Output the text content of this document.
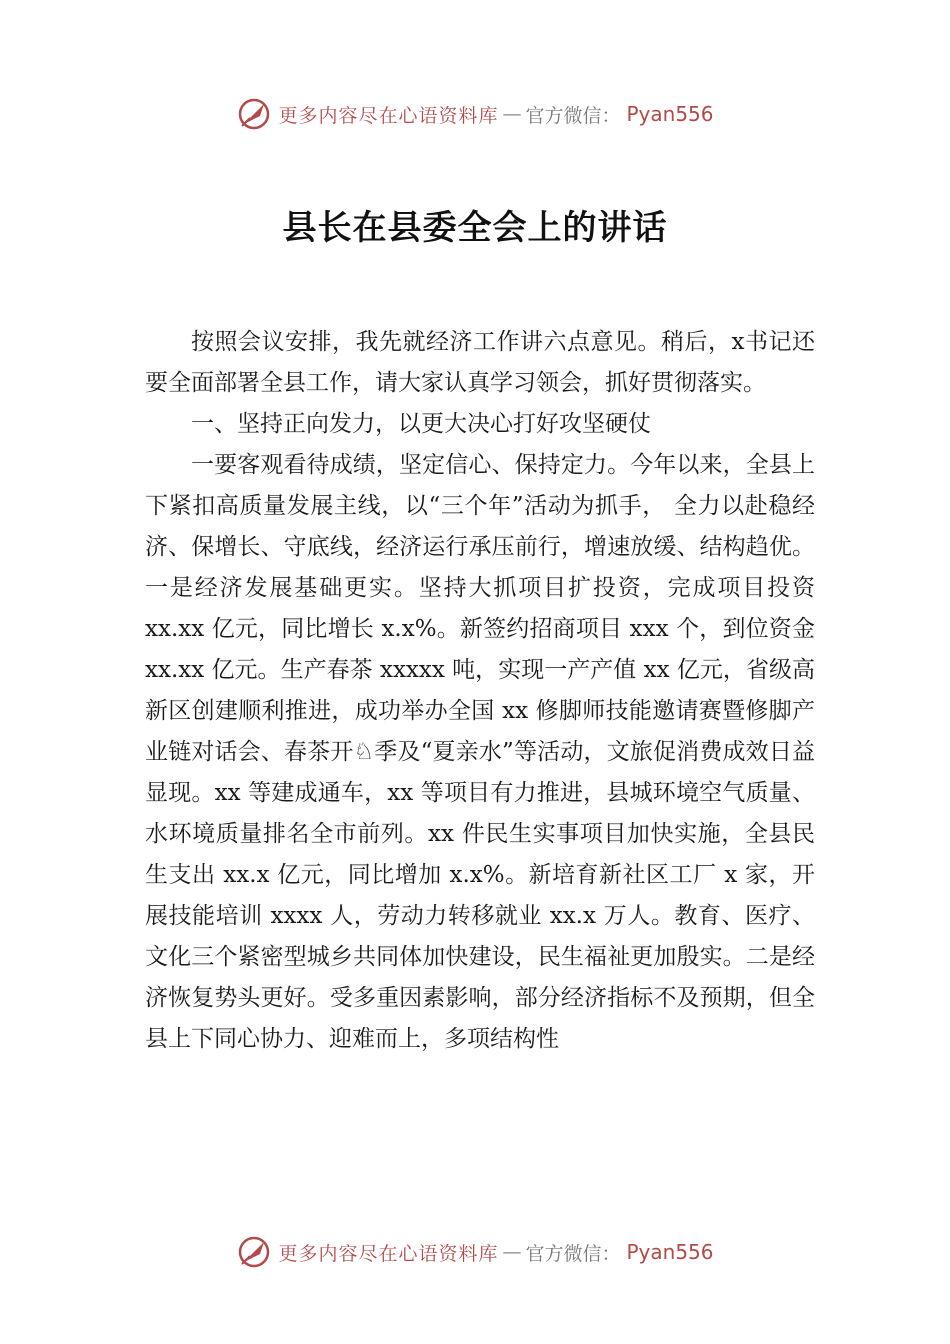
更多内容尽在心语资料库 — 官方微信： Pyan556
县长在县委全会上的讲话

按照会议安排，我先就经济工作讲六点意见。稍后，x书记还要全面部署全县工作，请大家认真学习领会，抓好贯彻落实。

一、坚持正向发力，以更大决心打好攻坚硬仗

一要客观看待成绩，坚定信心、保持定力。今年以来，全县上下紧扣高质量发展主线，以“三个年”活动为抓手， 全力以赴稳经济、保增长、守底线，经济运行承压前行，增速放缓、结构趋优。一是经济发展基础更实。坚持大抓项目扩投资，完成项目投资 xx.xx 亿元，同比增长 x.x%。新签约招商项目 xxx 个，到位资金 xx.xx 亿元。生产春茶 xxxxx 吨，实现一产产值 xx 亿元，省级高新区创建顺利推进，成功举办全国 xx 修脚师技能邀请赛暨修脚产业链对话会、春茶开♘季及“夏亲水”等活动，文旅促消费成效日益显现。xx 等建成通车，xx 等项目有力推进，县城环境空气质量、水环境质量排名全市前列。xx 件民生实事项目加快实施，全县民生支出 xx.x 亿元，同比增加 x.x%。新培育新社区工厂 x 家，开展技能培训 xxxx 人，劳动力转移就业 xx.x 万人。教育、医疗、文化三个紧密型城乡共同体加快建设，民生福祉更加殷实。二是经济恢复势头更好。受多重因素影响，部分经济指标不及预期，但全县上下同心协力、迎难而上，多项结构性

更多内容尽在心语资料库 — 官方微信： Pyan556
